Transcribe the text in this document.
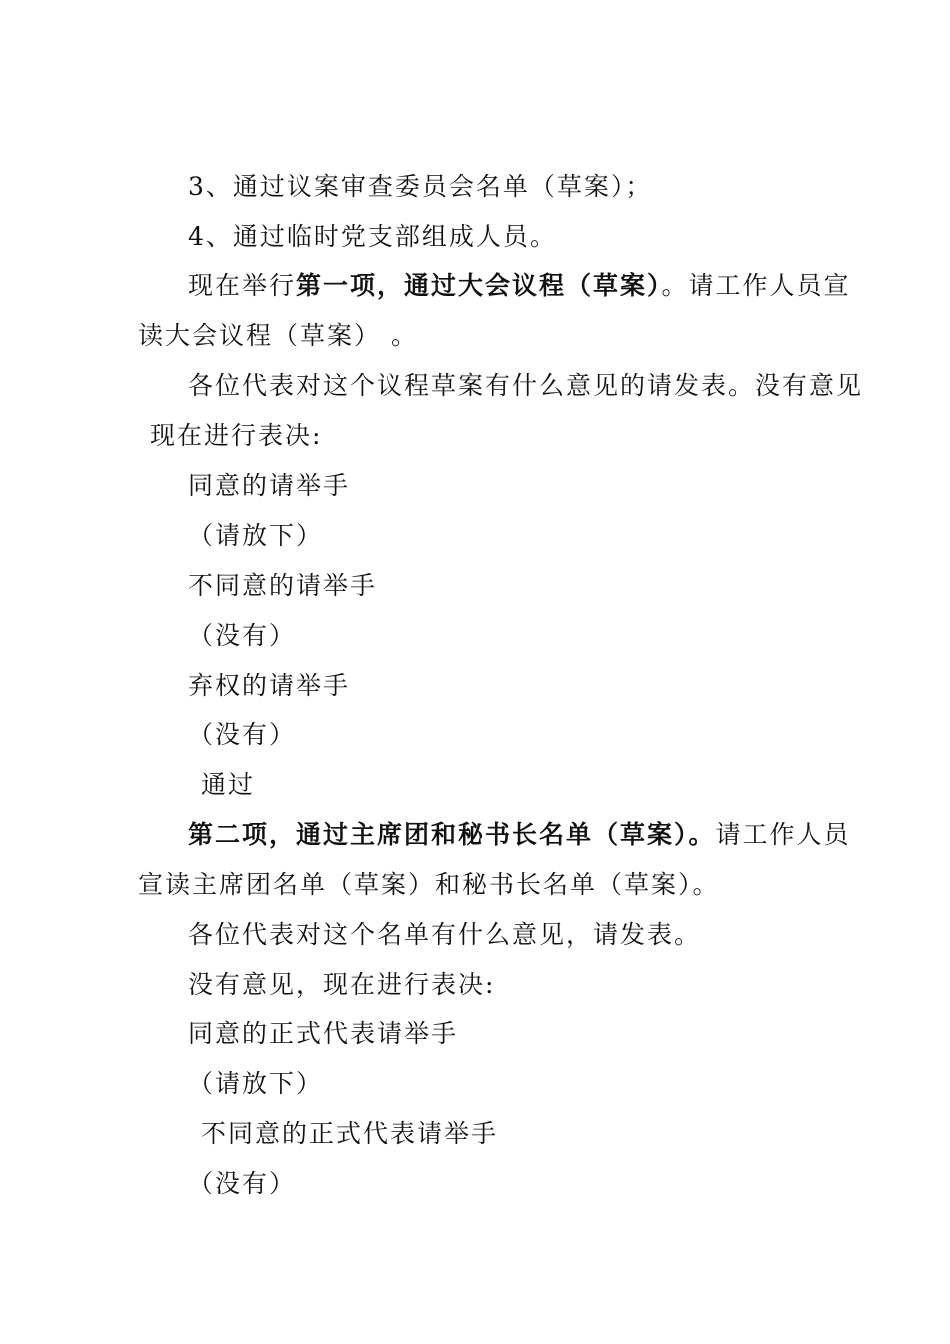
3、通过议案审查委员会名单（草案）；
4、通过临时党支部组成人员。
现在举行第一项，通过大会议程（草案）。请工作人员宣
读大会议程（草案） 。
各位代表对这个议程草案有什么意见的请发表。没有意见
现在进行表决:
同意的请举手
（请放下）
不同意的请举手
（没有）
弃权的请举手
（没有）
通过
第二项，通过主席团和秘书长名单（草案）。请工作人员
宣读主席团名单（草案）和秘书长名单（草案）。
各位代表对这个名单有什么意见，请发表。
没有意见，现在进行表决:
同意的正式代表请举手
（请放下）
不同意的正式代表请举手
（没有）
